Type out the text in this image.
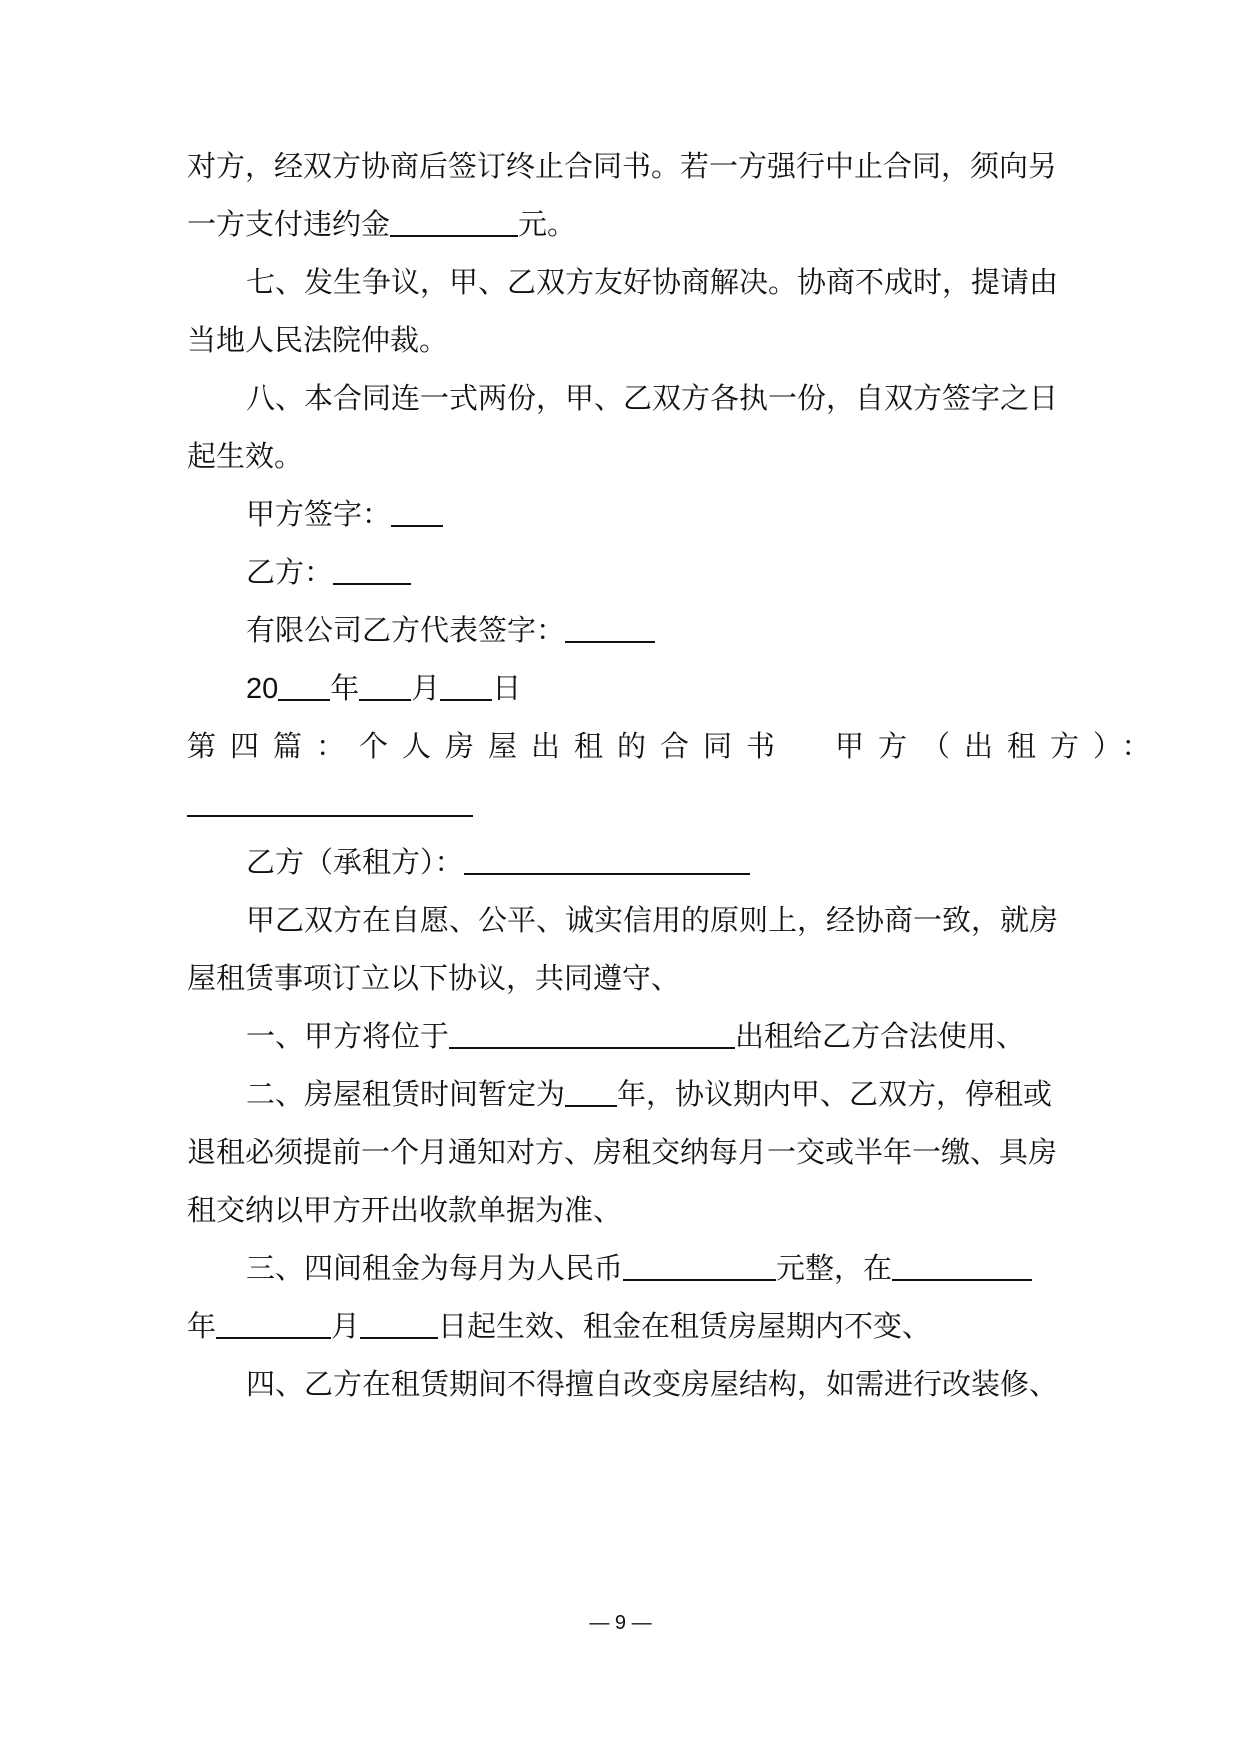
对方，经双方协商后签订终止合同书。若一方强行中止合同，须向另
一方支付违约金	元。
七、发生争议，甲、乙双方友好协商解决。协商不成时，提请由
当地人民法院仲裁。
八、本合同连一式两份，甲、乙双方各执一份，自双方签字之日
起生效。
甲方签字：
乙方：
有限公司乙方代表签字：
20 年 月 日
第四篇：个人房屋出租的合同书 甲方（出租方）：
乙方（承租方）：
甲乙双方在自愿、公平、诚实信用的原则上，经协商一致，就房
屋租赁事项订立以下协议，共同遵守、
一、甲方将位于	出租给乙方合法使用、
二、房屋租赁时间暂定为 年，协议期内甲、乙双方，停租或
退租必须提前一个月通知对方、房租交纳每月一交或半年一缴、具房
租交纳以甲方开出收款单据为准、
三、四间租金为每月为人民币	元整，在
年	月	日起生效、租金在租赁房屋期内不变、
四、乙方在租赁期间不得擅自改变房屋结构，如需进行改装修、
— 9 —
